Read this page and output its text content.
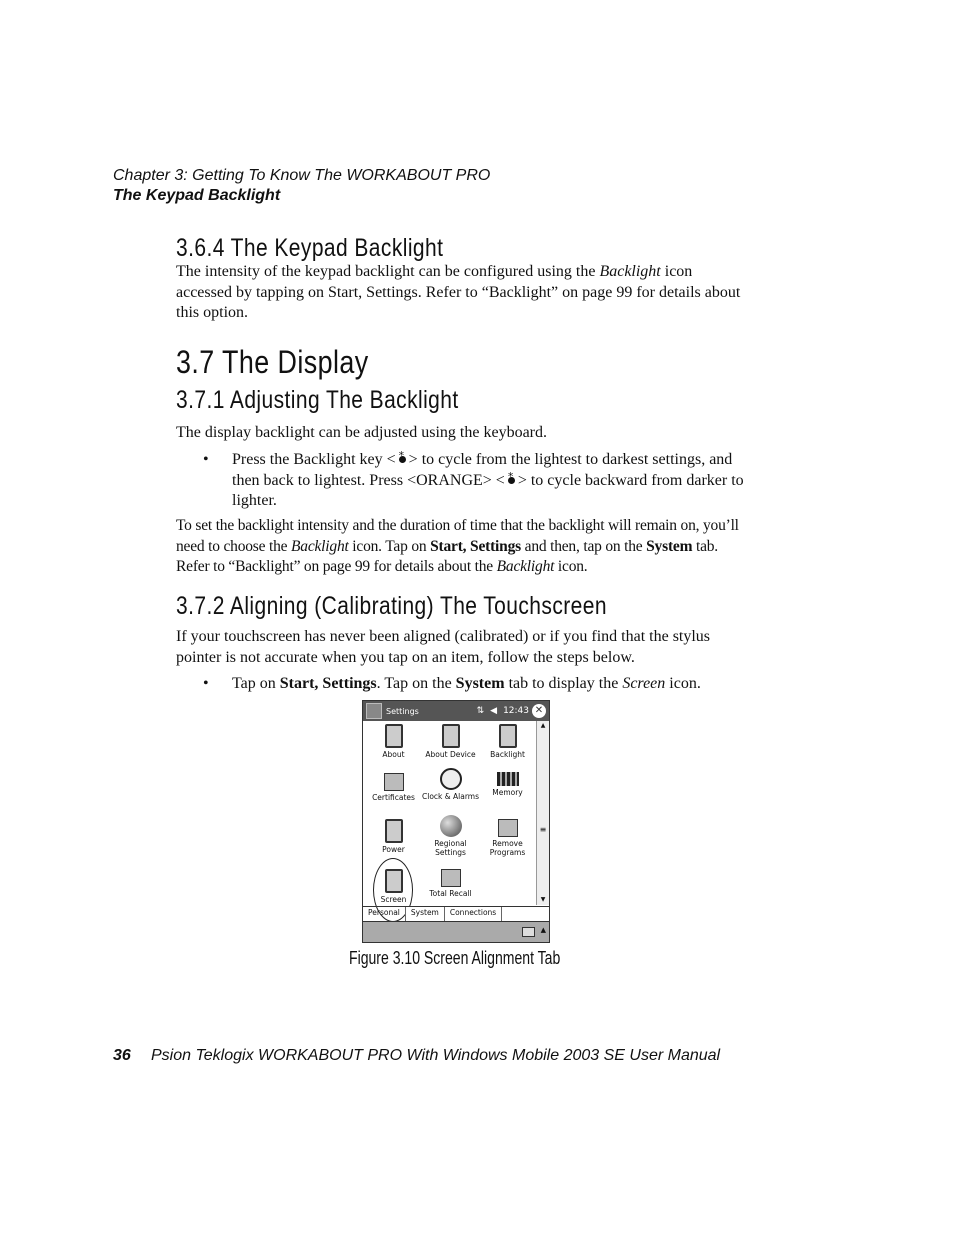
Chapter 3: Getting To Know The WORKABOUT PRO
The Keypad Backlight
3.6.4 The Keypad Backlight
The intensity of the keypad backlight can be configured using the Backlight icon accessed by tapping on Start, Settings. Refer to “Backlight” on page 99 for details about this option.
3.7 The Display
3.7.1 Adjusting The Backlight
The display backlight can be adjusted using the keyboard.
• Press the Backlight key < * > to cycle from the lightest to darkest settings, and then back to lightest. Press <ORANGE> < * > to cycle backward from darker to lighter.
To set the backlight intensity and the duration of time that the backlight will remain on, you’ll need to choose the Backlight icon. Tap on Start, Settings and then, tap on the System tab. Refer to “Backlight” on page 99 for details about the Backlight icon.
3.7.2 Aligning (Calibrating) The Touchscreen
If your touchscreen has never been aligned (calibrated) or if you find that the stylus pointer is not accurate when you tap on an item, follow the steps below.
• Tap on Start, Settings. Tap on the System tab to display the Screen icon.
Settings	⇅ ◀ 12:43 ✕
About	About Device	Backlight
Certificates Clock & Alarms	Memory
Power
Regional Settings
Remove Programs
Screen
Total Recall
▲
≡
▼
Personal	System	Connections
▲
Figure 3.10 Screen Alignment Tab
36 Psion Teklogix WORKABOUT PRO With Windows Mobile 2003 SE User Manual
